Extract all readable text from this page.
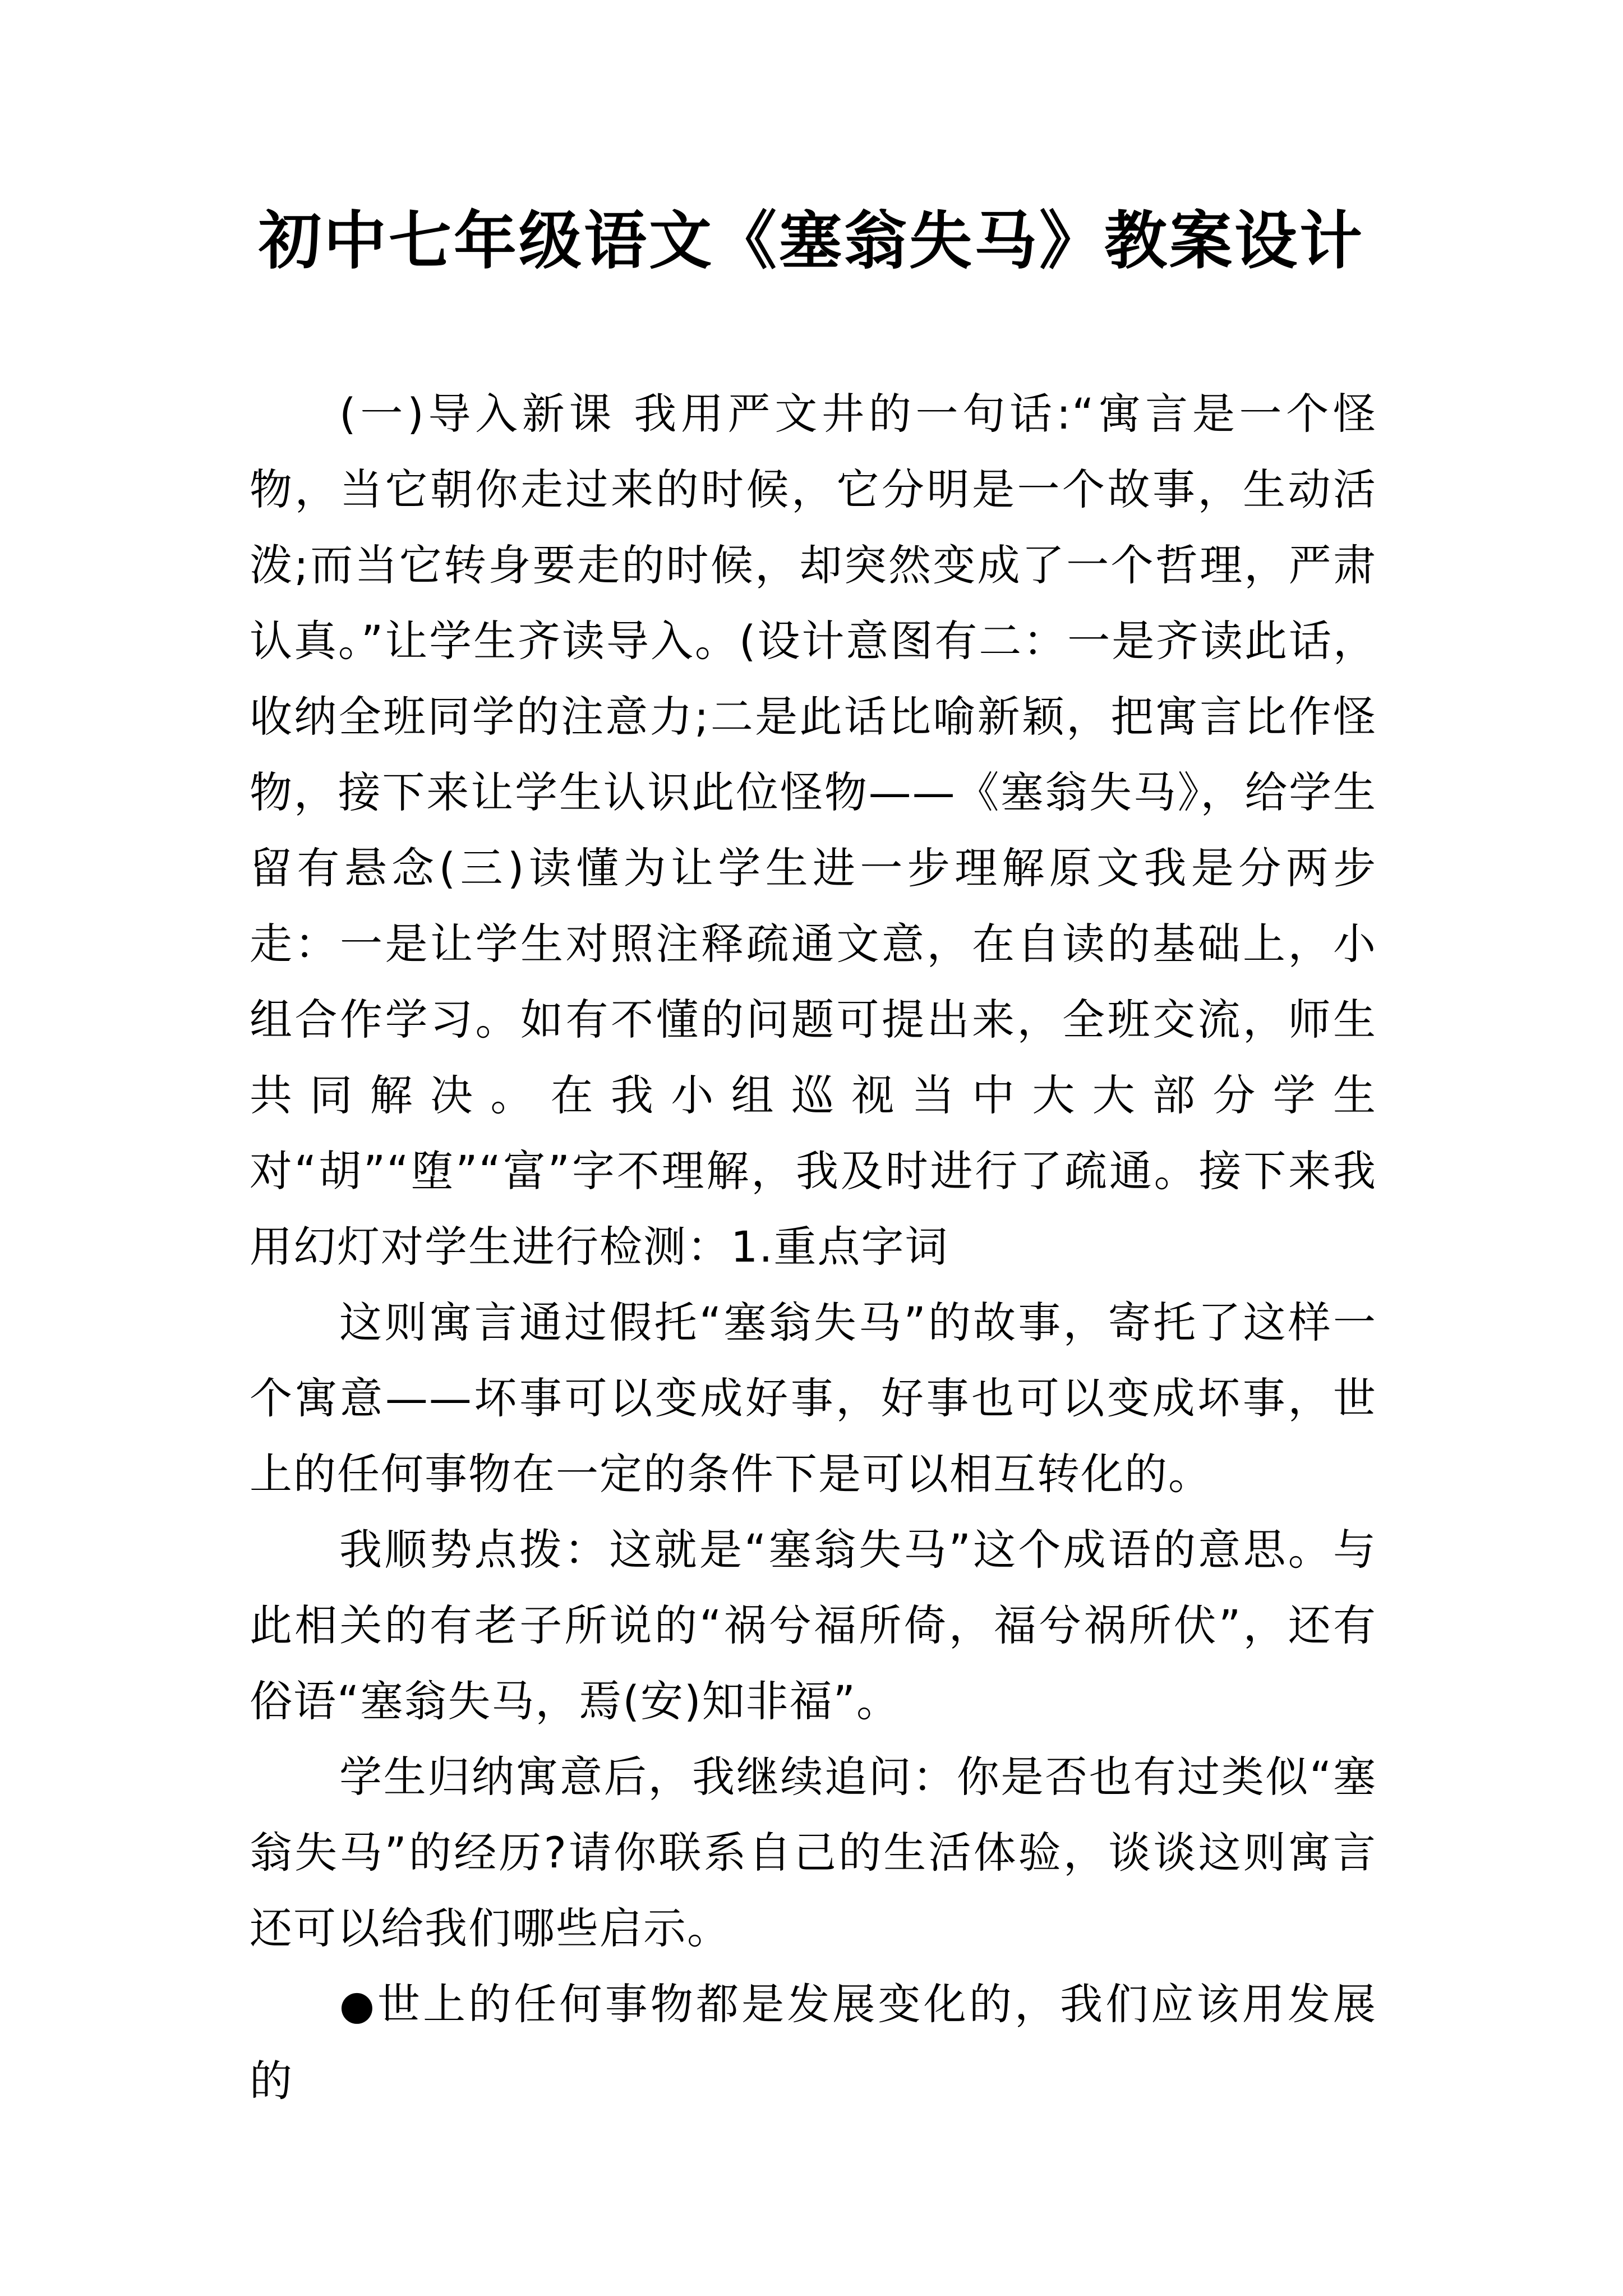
初中七年级语文《塞翁失马》教案设计

(一)导入新课 我用严文井的一句话:“寓言是一个怪物，当它朝你走过来的时候，它分明是一个故事，生动活泼;而当它转身要走的时候，却突然变成了一个哲理，严肃认真。”让学生齐读导入。(设计意图有二：一是齐读此话，收纳全班同学的注意力;二是此话比喻新颖，把寓言比作怪物，接下来让学生认识此位怪物——《塞翁失马》，给学生留有悬念(三)读懂为让学生进一步理解原文我是分两步走：一是让学生对照注释疏通文意，在自读的基础上，小组合作学习。如有不懂的问题可提出来，全班交流，师生共同解决。在我小组巡视当中大大部分学生对“胡”“堕”“富”字不理解，我及时进行了疏通。接下来我用幻灯对学生进行检测：1.重点字词

这则寓言通过假托“塞翁失马”的故事，寄托了这样一个寓意——坏事可以变成好事，好事也可以变成坏事，世上的任何事物在一定的条件下是可以相互转化的。

我顺势点拨：这就是“塞翁失马”这个成语的意思。与此相关的有老子所说的“祸兮福所倚，福兮祸所伏”，还有俗语“塞翁失马，焉(安)知非福”。

学生归纳寓意后，我继续追问：你是否也有过类似“塞翁失马”的经历?请你联系自己的生活体验，谈谈这则寓言还可以给我们哪些启示。

●世上的任何事物都是发展变化的，我们应该用发展的
